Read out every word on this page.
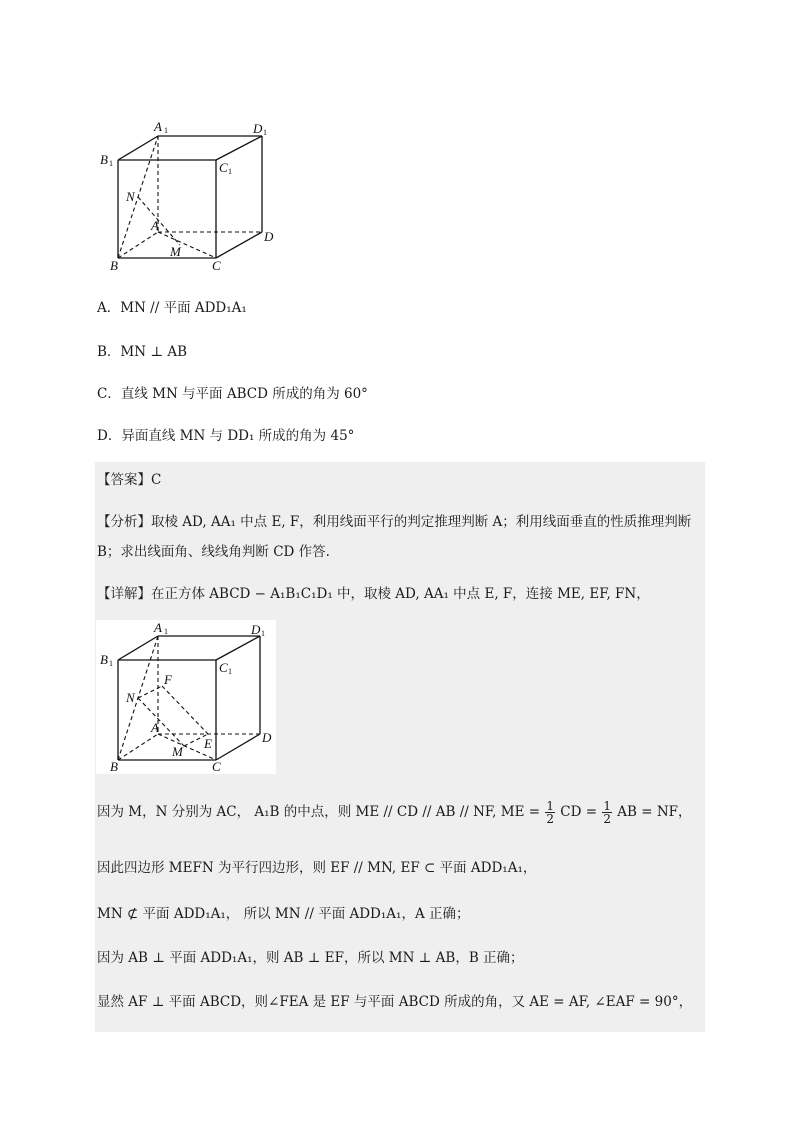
A 1	D 1
B 1	C 1
N
A
D
B
M
C
A．MN // 平面 ADD₁A₁
B．MN ⊥ AB
C．直线 MN 与平面 ABCD 所成的角为 60°
D．异面直线 MN 与 DD₁ 所成的角为 45°
【答案】C
【分析】取棱 AD, AA₁ 中点 E, F，利用线面平行的判定推理判断 A；利用线面垂直的性质推理判断
B；求出线面角、线线角判断 CD 作答.
【详解】在正方体 ABCD − A₁B₁C₁D₁ 中，取棱 AD, AA₁ 中点 E, F，连接 ME, EF, FN，
A 1	D 1
B 1	C 1
N
F
A
D
B
M
E
C
因为 M，N 分别为 AC， A₁B 的中点，则 ME // CD // AB // NF, ME = $\frac{1}{2}$ CD = $\frac{1}{2}$ AB = NF，
因此四边形 MEFN 为平行四边形，则 EF // MN, EF ⊂ 平面 ADD₁A₁，
MN ⊄ 平面 ADD₁A₁， 所以 MN // 平面 ADD₁A₁，A 正确；
因为 AB ⊥ 平面 ADD₁A₁，则 AB ⊥ EF，所以 MN ⊥ AB，B 正确；
显然 AF ⊥ 平面 ABCD，则∠FEA 是 EF 与平面 ABCD 所成的角，又 AE = AF, ∠EAF = 90°，
